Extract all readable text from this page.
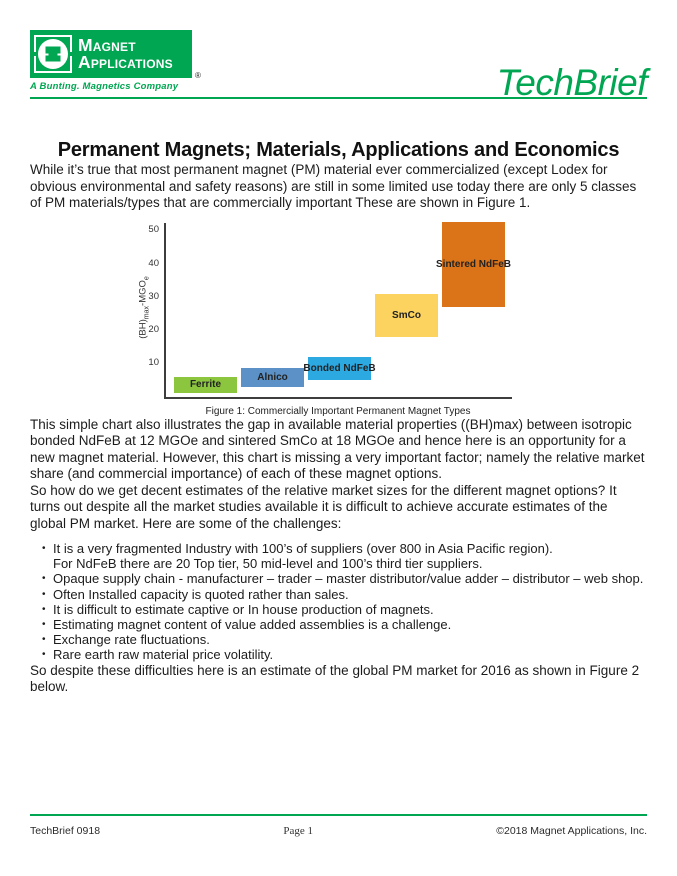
Magnet
Applications
®
A Bunting. Magnetics Company	TechBrief
Permanent Magnets; Materials, Applications and Economics

While it’s true that most permanent magnet (PM) material ever commercialized (except Lodex for obvious environmental and safety reasons) are still in some limited use today there are only 5 classes of PM materials/types that are commercially important These are shown in Figure 1.

$(BH)_{max}-MGO_e$
10
20
30
40
50
Ferrite
Alnico
Bonded NdFeB
SmCo
Sintered NdFeB
Figure 1: Commercially Important Permanent Magnet Types

This simple chart also illustrates the gap in available material properties ((BH)max) between isotropic bonded NdFeB at 12 MGOe and sintered SmCo at 18 MGOe and hence here is an opportunity for a new magnet material. However, this chart is missing a very important factor; namely the relative market share (and commercial importance) of each of these magnet options.

So how do we get decent estimates of the relative market sizes for the different magnet options? It turns out despite all the market studies available it is difficult to achieve accurate estimates of the global PM market. Here are some of the challenges:

• It is a very fragmented Industry with 100’s of suppliers (over 800 in Asia Pacific region).
For NdFeB there are 20 Top tier, 50 mid-level and 100’s third tier suppliers.
• Opaque supply chain - manufacturer – trader – master distributor/value adder – distributor – web shop.
• Often Installed capacity is quoted rather than sales.
• It is difficult to estimate captive or In house production of magnets.
• Estimating magnet content of value added assemblies is a challenge.
• Exchange rate fluctuations.
• Rare earth raw material price volatility.

So despite these difficulties here is an estimate of the global PM market for 2016 as shown in Figure 2 below.

TechBrief 0918	Page 1	©2018 Magnet Applications, Inc.
